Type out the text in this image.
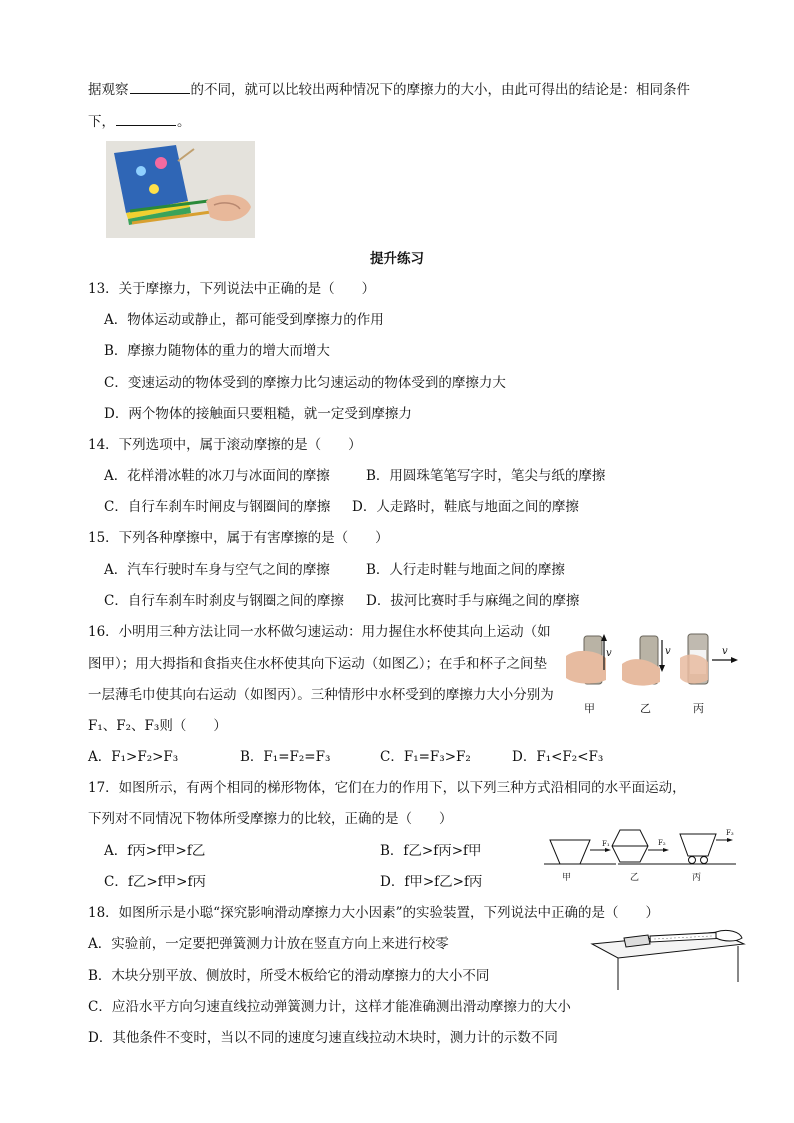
据观察	的不同，就可以比较出两种情况下的摩擦力的大小，由此可得出的结论是：相同条件
下，	。
提升练习
13．关于摩擦力，下列说法中正确的是（　　）
A．物体运动或静止，都可能受到摩擦力的作用
B．摩擦力随物体的重力的增大而增大
C．变速运动的物体受到的摩擦力比匀速运动的物体受到的摩擦力大
D．两个物体的接触面只要粗糙，就一定受到摩擦力
14．下列选项中，属于滚动摩擦的是（　　）
A．花样滑冰鞋的冰刀与冰面间的摩擦	B．用圆珠笔笔写字时，笔尖与纸的摩擦
C．自行车刹车时闸皮与钢圈间的摩擦 D．人走路时，鞋底与地面之间的摩擦
15．下列各种摩擦中，属于有害摩擦的是（　　）
A．汽车行驶时车身与空气之间的摩擦	B．人行走时鞋与地面之间的摩擦
C．自行车刹车时刹皮与钢圈之间的摩擦 D．拔河比赛时手与麻绳之间的摩擦
16．小明用三种方法让同一水杯做匀速运动：用力握住水杯使其向上运动（如
图甲）；用大拇指和食指夹住水杯使其向下运动（如图乙）；在手和杯子之间垫
一层薄毛巾使其向右运动（如图丙）。三种情形中水杯受到的摩擦力大小分别为
F₁、F₂、F₃则（　　）
v	v	v
甲	乙	丙
A．F₁>F₂>F₃	B．F₁=F₂=F₃	C．F₁=F₃>F₂	D．F₁<F₂<F₃
17．如图所示，有两个相同的梯形物体，它们在力的作用下，以下列三种方式沿相同的水平面运动，
下列对不同情况下物体所受摩擦力的比较，正确的是（　　）
A．f丙>f甲>f乙	B．f乙>f丙>f甲
C．f乙>f甲>f丙	D．f甲>f乙>f丙
F₁	F₂
F₃
甲	乙	丙
18．如图所示是小聪“探究影响滑动摩擦力大小因素”的实验装置，下列说法中正确的是（　　）
A．实验前，一定要把弹簧测力计放在竖直方向上来进行校零
B．木块分别平放、侧放时，所受木板给它的滑动摩擦力的大小不同
C．应沿水平方向匀速直线拉动弹簧测力计，这样才能准确测出滑动摩擦力的大小
D．其他条件不变时，当以不同的速度匀速直线拉动木块时，测力计的示数不同
